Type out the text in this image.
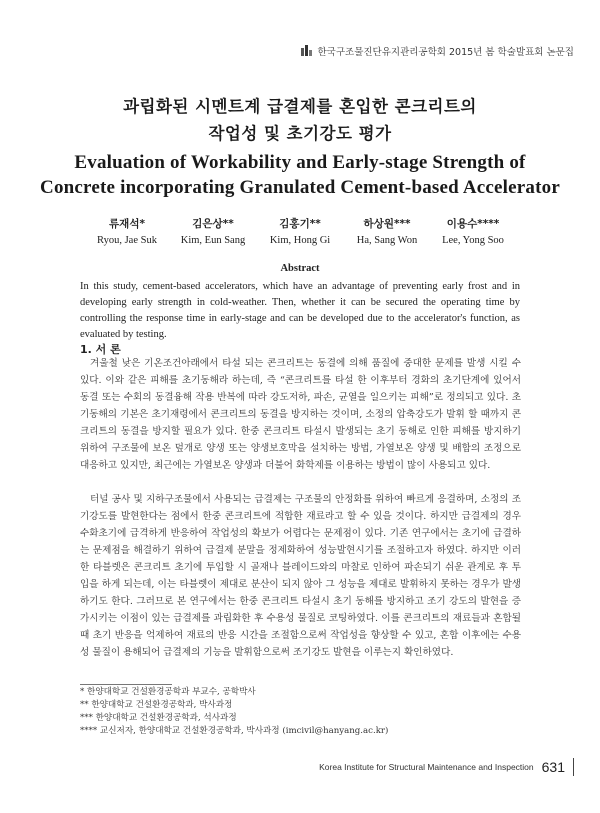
한국구조물진단유지관리공학회 2015년 봄 학술발표회 논문집
과립화된 시멘트계 급결제를 혼입한 콘크리트의
작업성 및 초기강도 평가
Evaluation of Workability and Early-stage Strength of
Concrete incorporating Granulated Cement-based Accelerator
류재석*
Ryou, Jae Suk
김은상**
Kim, Eun Sang
김홍기**
Kim, Hong Gi
하상원***
Ha, Sang Won
이용수****
Lee, Yong Soo
Abstract
In this study, cement-based accelerators, which have an advantage of preventing early frost and in developing early strength in cold-weather. Then, whether it can be secured the operating time by controlling the response time in early-stage and can be developed due to the accelerator's function, as evaluated by testing.
1. 서 론
겨울철 낮은 기온조건아래에서 타설 되는 콘크리트는 동결에 의해 품질에 중대한 문제를 발생 시킬 수 있다. 이와 같은 피해를 초기동해라 하는데, 즉 “콘크리트를 타설 한 이후부터 경화의 초기단계에 있어서 동결 또는 수회의 동결융해 작용 반복에 따라 강도저하, 파손, 균열을 일으키는 피해”로 정의되고 있다. 초기동해의 기본은 초기재령에서 콘크리트의 동결을 방지하는 것이며, 소정의 압축강도가 발휘 할 때까지 콘크리트의 동결을 방지할 필요가 있다. 한중 콘크리트 타설시 발생되는 초기 동해로 인한 피해를 방지하기 위하여 구조물에 보온 덮개로 양생 또는 양생보호막을 설치하는 방법, 가열보온 양생 및 배합의 조정으로 대응하고 있지만, 최근에는 가열보온 양생과 더불어 화학제를 이용하는 방법이 많이 사용되고 있다.
터널 공사 및 지하구조물에서 사용되는 급결제는 구조물의 안정화를 위하여 빠르게 응결하며, 소정의 조기강도를 발현한다는 점에서 한중 콘크리트에 적합한 재료라고 할 수 있을 것이다. 하지만 급결제의 경우 수화초기에 급격하게 반응하여 작업성의 확보가 어렵다는 문제점이 있다. 기존 연구에서는 초기에 급결하는 문제점을 해결하기 위하여 급결제 분말을 정제화하여 성능발현시기를 조절하고자 하였다. 하지만 이러한 타블렛은 콘크리트 초기에 투입할 시 골재나 블레이드와의 마찰로 인하여 파손되기 쉬운 관계로 후 투입을 하게 되는데, 이는 타블렛이 제대로 분산이 되지 않아 그 성능을 제대로 발휘하지 못하는 경우가 발생하기도 한다. 그러므로 본 연구에서는 한중 콘크리트 타설시 초기 동해를 방지하고 조기 강도의 발현을 증가시키는 이점이 있는 급결제를 과립화한 후 수용성 물질로 코팅하였다. 이를 콘크리트의 재료들과 혼합될 때 초기 반응을 억제하여 재료의 반응 시간을 조절함으로써 작업성을 향상할 수 있고, 혼합 이후에는 수용성 물질이 용해되어 급결제의 기능을 발휘함으로써 조기강도 발현을 이루는지 확인하였다.
* 한양대학교 건설환경공학과 부교수, 공학박사
** 한양대학교 건설환경공학과, 박사과정
*** 한양대학교 건설환경공학과, 석사과정
**** 교신저자, 한양대학교 건설환경공학과, 박사과정 (imcivil@hanyang.ac.kr)
Korea Institute for Structural Maintenance and Inspection 631
